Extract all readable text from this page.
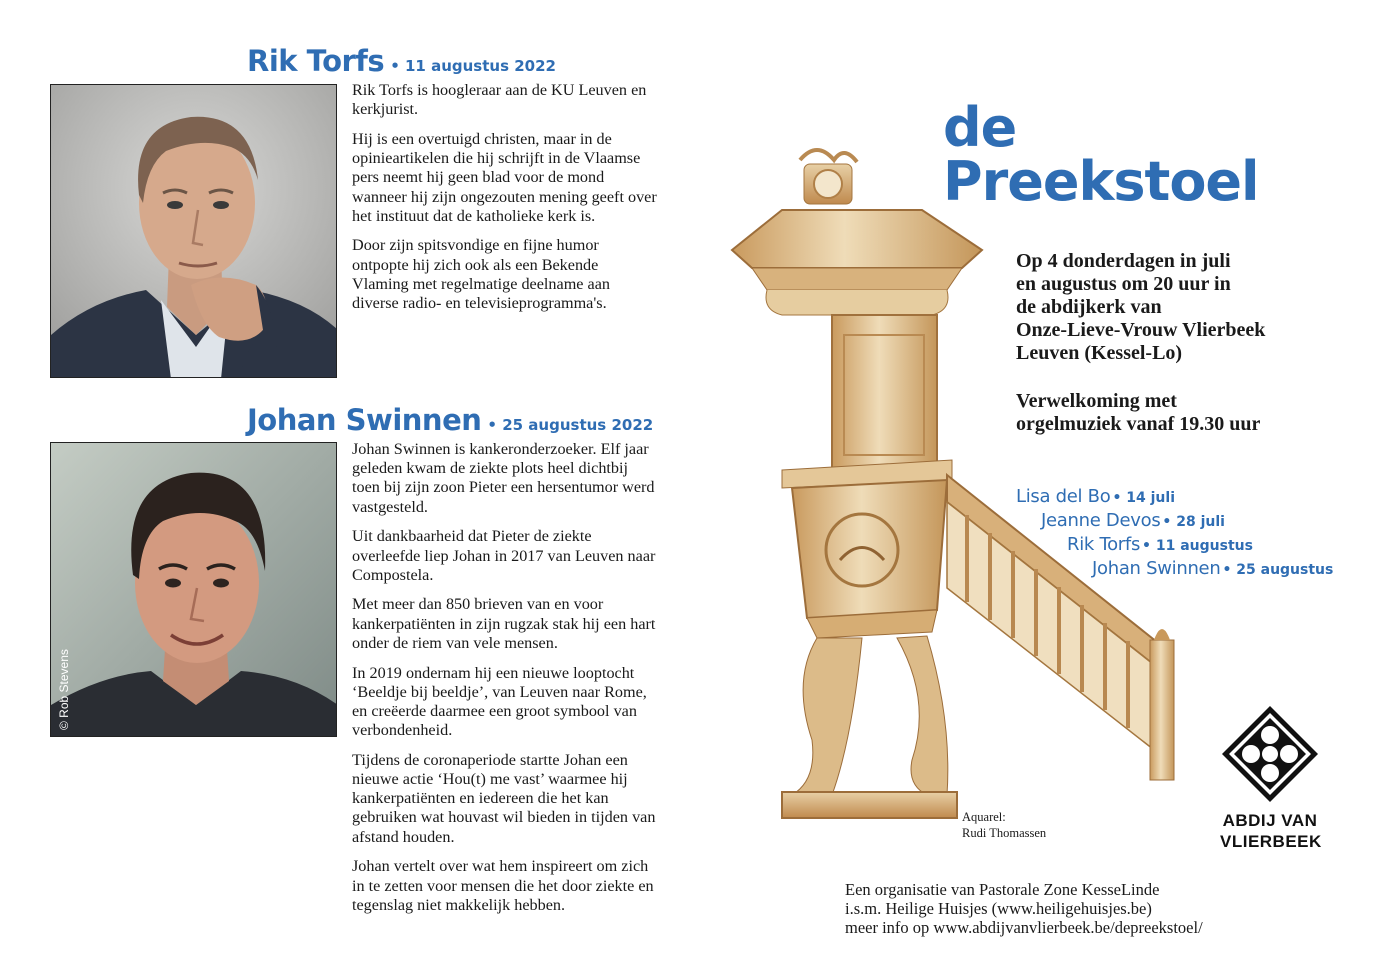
Rik Torfs • 11 augustus 2022

Rik Torfs is hoogleraar aan de KU Leuven en kerkjurist.

Hij is een overtuigd christen, maar in de opinieartikelen die hij schrijft in de Vlaamse pers neemt hij geen blad voor de mond wanneer hij zijn ongezouten mening geeft over het instituut dat de katholieke kerk is.

Door zijn spitsvondige en fijne humor ontpopte hij zich ook als een Bekende Vlaming met regelmatige deelname aan diverse radio- en televisieprogramma's.

Johan Swinnen • 25 augustus 2022
© Rob Stevens

Johan Swinnen is kankeronderzoeker. Elf jaar geleden kwam de ziekte plots heel dichtbij toen bij zijn zoon Pieter een hersentumor werd vastgesteld.

Uit dankbaarheid dat Pieter de ziekte overleefde liep Johan in 2017 van Leuven naar Compostela.

Met meer dan 850 brieven van en voor kankerpatiënten in zijn rugzak stak hij een hart onder de riem van vele mensen.

In 2019 ondernam hij een nieuwe looptocht ‘Beeldje bij beeldje’, van Leuven naar Rome, en creëerde daarmee een groot symbool van verbondenheid.

Tijdens de coronaperiode startte Johan een nieuwe actie ‘Hou(t) me vast’ waarmee hij kankerpatiënten en iedereen die het kan gebruiken wat houvast wil bieden in tijden van afstand houden.

Johan vertelt over wat hem inspireert om zich in te zetten voor mensen die het door ziekte en tegenslag niet makkelijk hebben.

de
Preekstoel
Op 4 donderdagen in juli
en augustus om 20 uur in
de abdijkerk van
Onze-Lieve-Vrouw Vlierbeek
Leuven (Kessel-Lo)
Verwelkoming met
orgelmuziek vanaf 19.30 uur
Lisa del Bo • 14 juli
Jeanne Devos • 28 juli
Rik Torfs • 11 augustus
Johan Swinnen • 25 augustus
Aquarel:
Rudi Thomassen
ABDIJ VAN
VLIERBEEK
Een organisatie van Pastorale Zone KesseLinde
i.s.m. Heilige Huisjes (www.heiligehuisjes.be)
meer info op www.abdijvanvlierbeek.be/depreekstoel/
